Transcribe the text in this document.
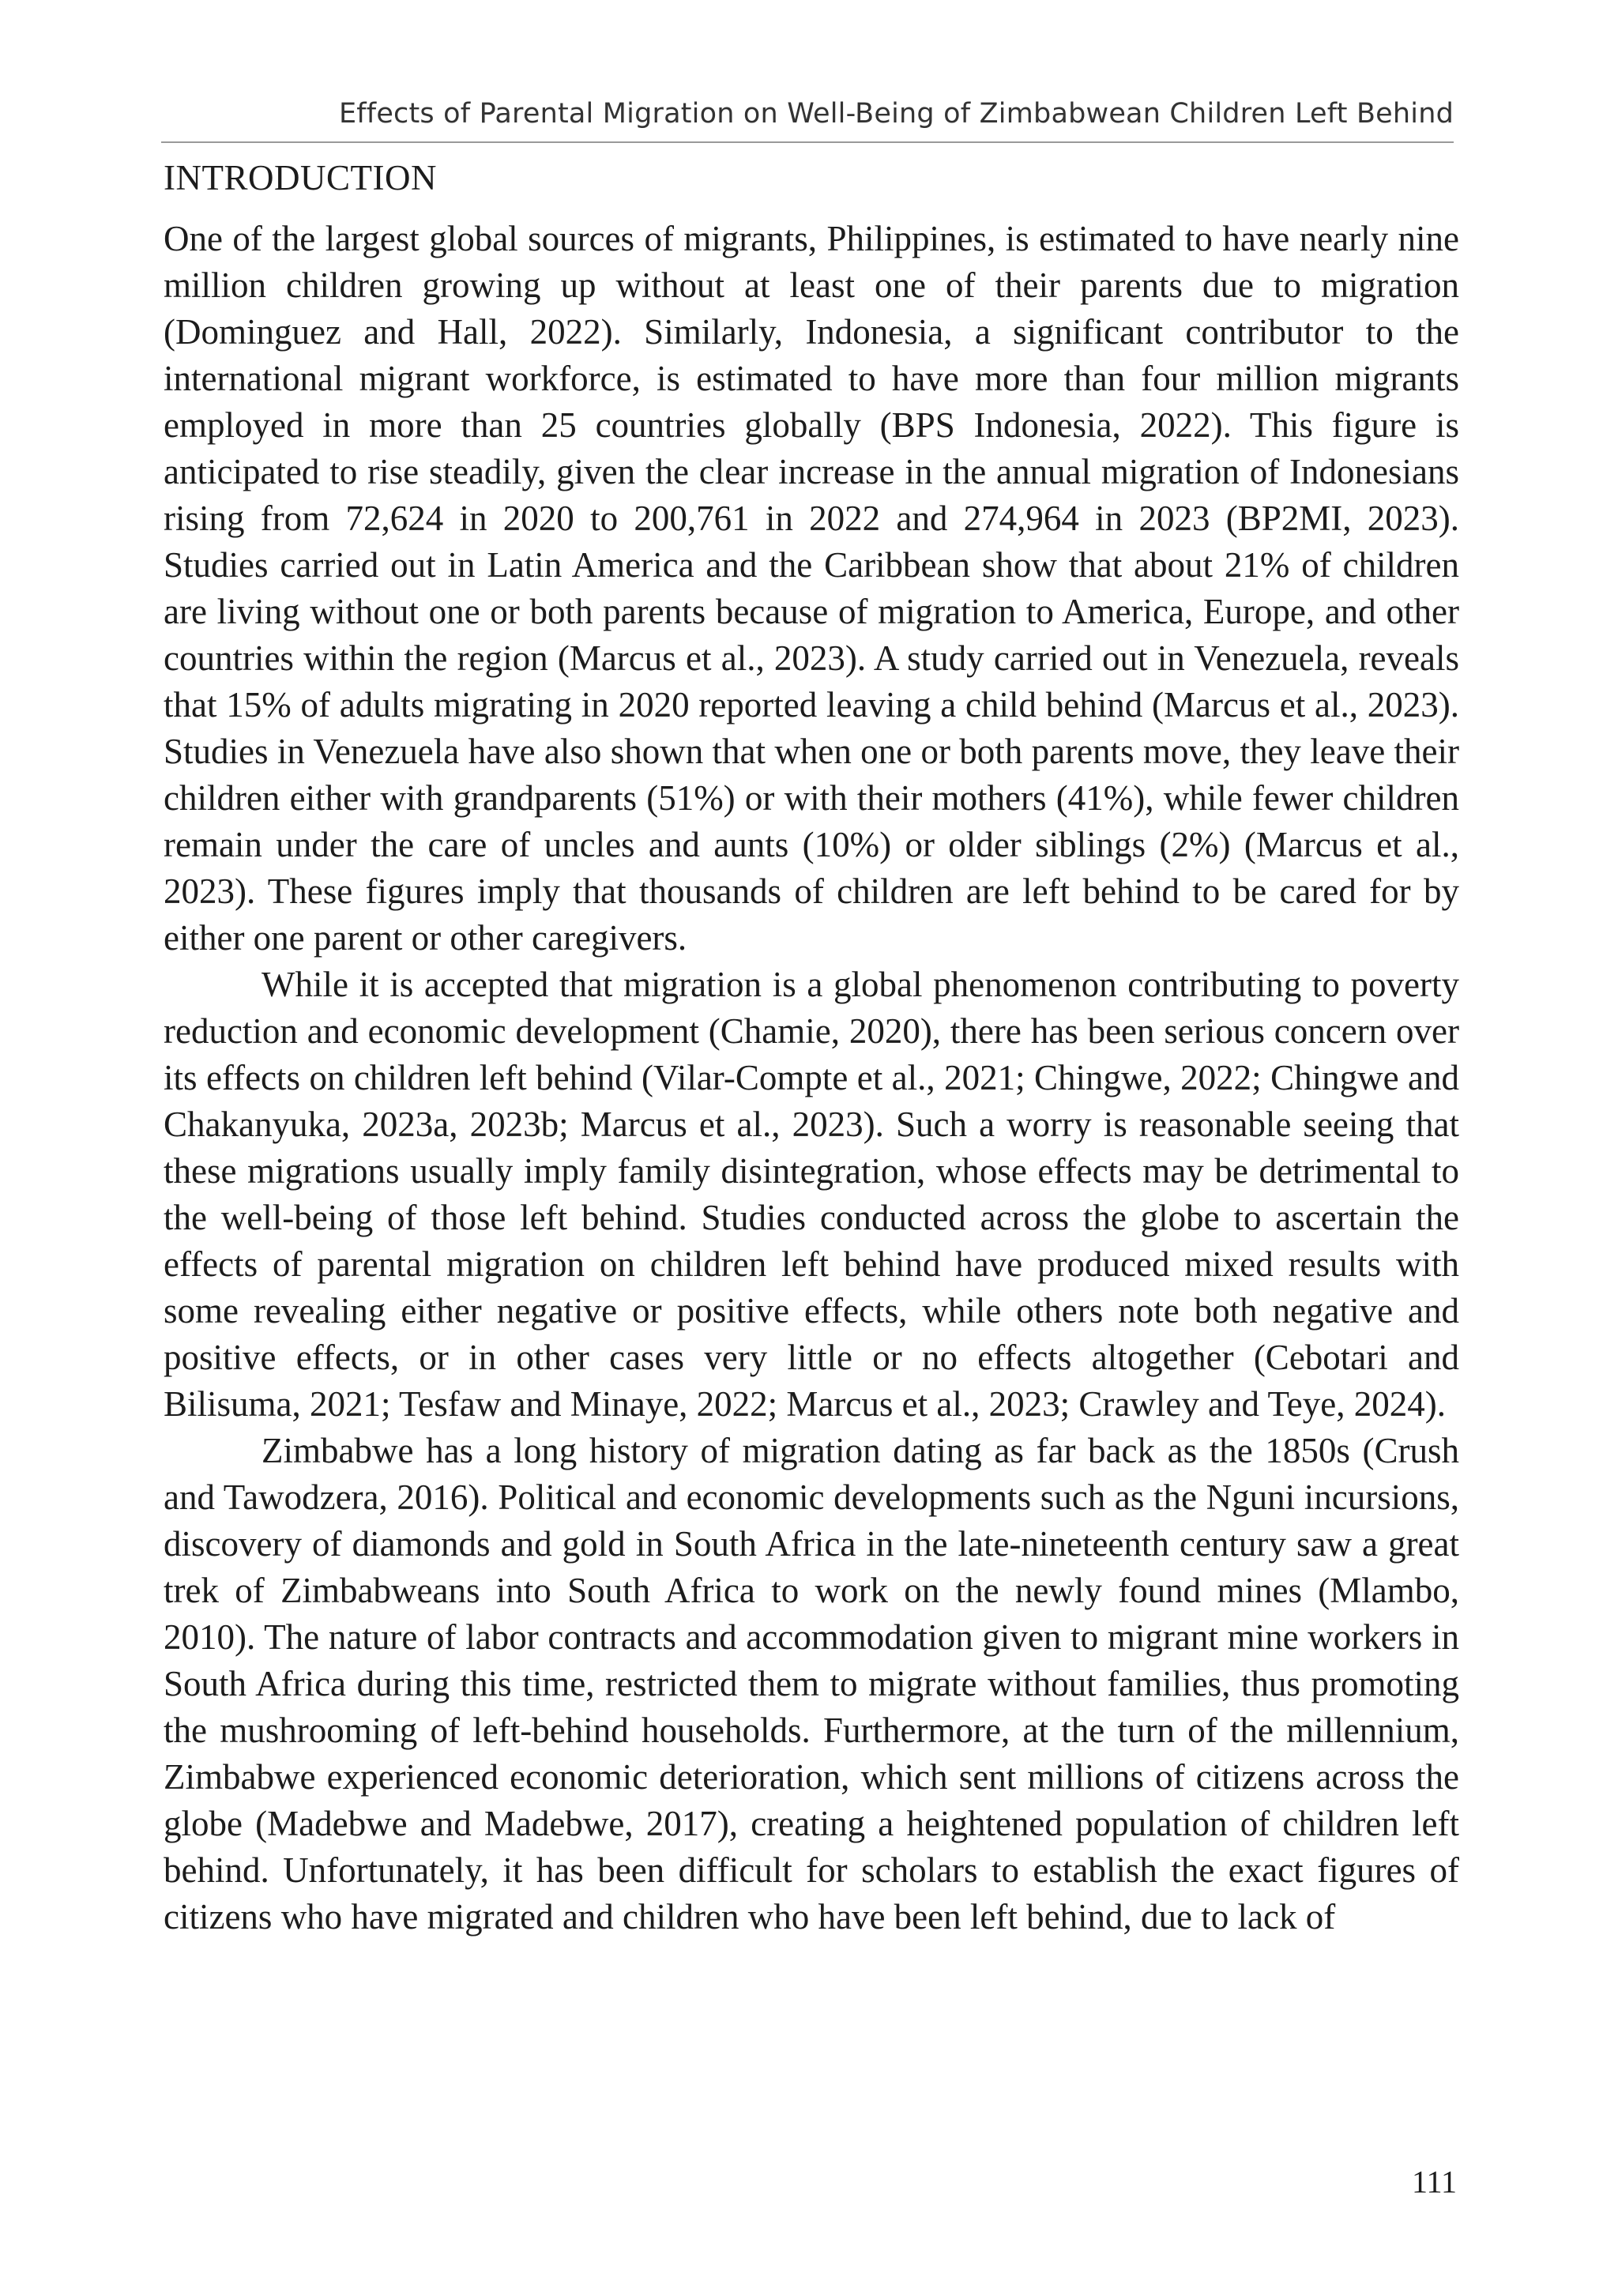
Effects of Parental Migration on Well-Being of Zimbabwean Children Left Behind
INTRODUCTION

One of the largest global sources of migrants, Philippines, is estimated to have nearly nine million children growing up without at least one of their parents due to migration (Dominguez and Hall, 2022). Similarly, Indonesia, a significant contributor to the international migrant workforce, is estimated to have more than four million migrants employed in more than 25 countries globally (BPS Indonesia, 2022). This figure is anticipated to rise steadily, given the clear increase in the annual migration of Indonesians rising from 72,624 in 2020 to 200,761 in 2022 and 274,964 in 2023 (BP2MI, 2023). Studies carried out in Latin America and the Caribbean show that about 21% of children are living without one or both parents because of migration to America, Europe, and other countries within the region (Marcus et al., 2023). A study carried out in Venezuela, reveals that 15% of adults migrating in 2020 reported leaving a child behind (Marcus et al., 2023). Studies in Venezuela have also shown that when one or both parents move, they leave their children either with grandparents (51%) or with their mothers (41%), while fewer children remain under the care of uncles and aunts (10%) or older siblings (2%) (Marcus et al., 2023). These figures imply that thousands of children are left behind to be cared for by either one parent or other caregivers.

While it is accepted that migration is a global phenomenon contributing to poverty reduction and economic development (Chamie, 2020), there has been serious concern over its effects on children left behind (Vilar-Compte et al., 2021; Chingwe, 2022; Chingwe and Chakanyuka, 2023a, 2023b; Marcus et al., 2023). Such a worry is reasonable seeing that these migrations usually imply family disintegration, whose effects may be detrimental to the well-being of those left behind. Studies conducted across the globe to ascertain the effects of parental migration on children left behind have produced mixed results with some revealing either negative or positive effects, while others note both negative and positive effects, or in other cases very little or no effects altogether (Cebotari and Bilisuma, 2021; Tesfaw and Minaye, 2022; Marcus et al., 2023; Crawley and Teye, 2024).

Zimbabwe has a long history of migration dating as far back as the 1850s (Crush and Tawodzera, 2016). Political and economic developments such as the Nguni incursions, discovery of diamonds and gold in South Africa in the late-nineteenth century saw a great trek of Zimbabweans into South Africa to work on the newly found mines (Mlambo, 2010). The nature of labor contracts and accommodation given to migrant mine workers in South Africa during this time, restricted them to migrate without families, thus promoting the mushrooming of left-behind households. Furthermore, at the turn of the millennium, Zimbabwe experienced economic deterioration, which sent millions of citizens across the globe (Madebwe and Madebwe, 2017), creating a heightened population of children left behind. Unfortunately, it has been difficult for scholars to establish the exact figures of citizens who have migrated and children who have been left behind, due to lack of

111
